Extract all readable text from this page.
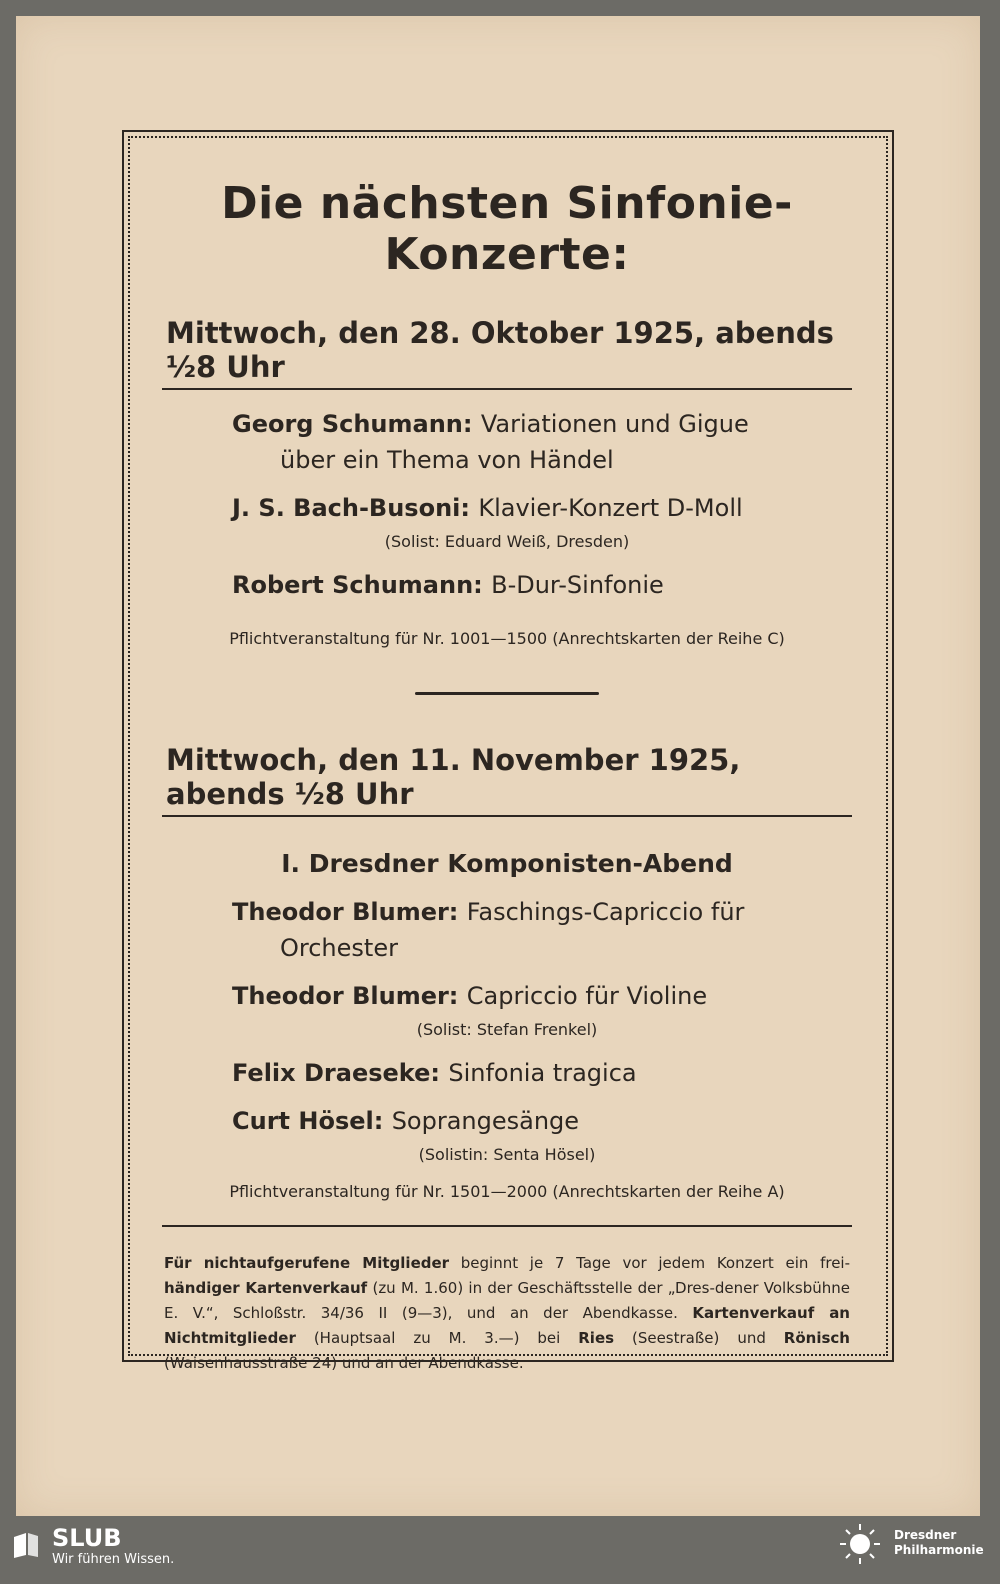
Die nächsten Sinfonie-Konzerte:
Mittwoch, den 28. Oktober 1925, abends ½8 Uhr
Georg Schumann: Variationen und Gigue
über ein Thema von Händel
J. S. Bach-Busoni: Klavier-Konzert D-Moll
(Solist: Eduard Weiß, Dresden)
Robert Schumann: B-Dur-Sinfonie
Pflichtveranstaltung für Nr. 1001—1500 (Anrechtskarten der Reihe C)
Mittwoch, den 11. November 1925, abends ½8 Uhr
I. Dresdner Komponisten-Abend
Theodor Blumer: Faschings-Capriccio für
Orchester
Theodor Blumer: Capriccio für Violine
(Solist: Stefan Frenkel)
Felix Draeseke: Sinfonia tragica
Curt Hösel: Soprangesänge
(Solistin: Senta Hösel)
Pflichtveranstaltung für Nr. 1501—2000 (Anrechtskarten der Reihe A)
Für nichtaufgerufene Mitglieder beginnt je 7 Tage vor jedem Konzert ein frei- händiger Kartenverkauf (zu M. 1.60) in der Geschäftsstelle der „Dres-dener Volksbühne E. V.“, Schloßstr. 34/36 II (9—3), und an der Abendkasse. Kartenverkauf an Nichtmitglieder (Hauptsaal zu M. 3.—) bei Ries (Seestraße) und Rönisch (Waisenhausstraße 24) und an der Abendkasse.
SLUB
Wir führen Wissen.
Dresdner
Philharmonie
